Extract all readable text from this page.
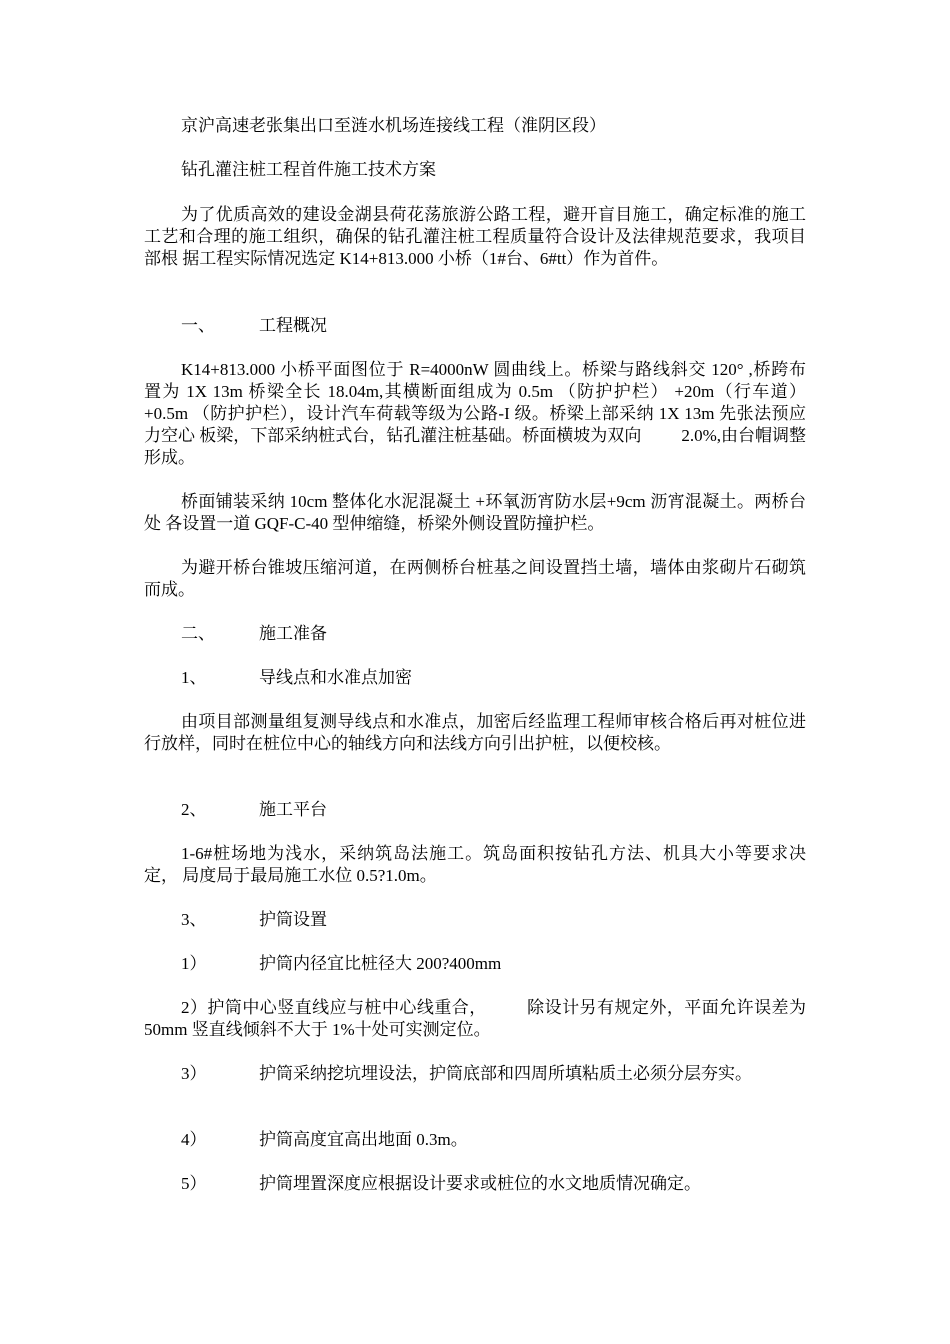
京沪高速老张集出口至涟水机场连接线工程（淮阴区段）

钻孔灌注桩工程首件施工技术方案

为了优质高效的建设金湖县荷花荡旅游公路工程，避开盲目施工，确定标准的施工 工艺和合理的施工组织，确保的钻孔灌注桩工程质量符合设计及法律规范要求，我项目部根 据工程实际情况选定 K14+813.000 小桥（1#台、6#tt）作为首件。

一、	工程概况

K14+813.000 小桥平面图位于 R=4000nW 圆曲线上。桥梁与路线斜交 120° ,桥跨布 置为 1X 13m 桥梁全长 18.04m,其横断面组成为 0.5m （防护护栏） +20m（行车道）+0.5m （防护护栏），设计汽车荷载等级为公路-I 级。桥梁上部采纳 1X 13m 先张法预应力空心 板梁，下部采纳桩式台，钻孔灌注桩基础。桥面横坡为双向 2.0%,由台帽调整形成。

桥面铺装采纳 10cm 整体化水泥混凝土 +环氧沥宵防水层+9cm 沥宵混凝土。两桥台处 各设置一道 GQF-C-40 型伸缩缝，桥梁外侧设置防撞护栏。

为避开桥台锥坡压缩河道，在两侧桥台桩基之间设置挡土墙，墙体由浆砌片石砌筑 而成。

二、	施工准备
1、	导线点和水准点加密

由项目部测量组复测导线点和水准点，加密后经监理工程师审核合格后再对桩位进 行放样，同时在桩位中心的轴线方向和法线方向引出护桩，以便校核。

2、	施工平台

1-6#桩场地为浅水，采纳筑岛法施工。筑岛面积按钻孔方法、机具大小等要求决定， 局度局于最局施工水位 0.5?1.0m。

3、	护筒设置
1）	护筒内径宜比桩径大 200?400mm

2）护筒中心竖直线应与桩中心线重合， 除设计另有规定外，平面允许误差为 50mm 竖直线倾斜不大于 1%十处可实测定位。

3）	护筒采纳挖坑埋设法，护筒底部和四周所填粘质土必须分层夯实。

4）	护筒高度宜高出地面 0.3m。
5）	护筒埋置深度应根据设计要求或桩位的水文地质情况确定。
